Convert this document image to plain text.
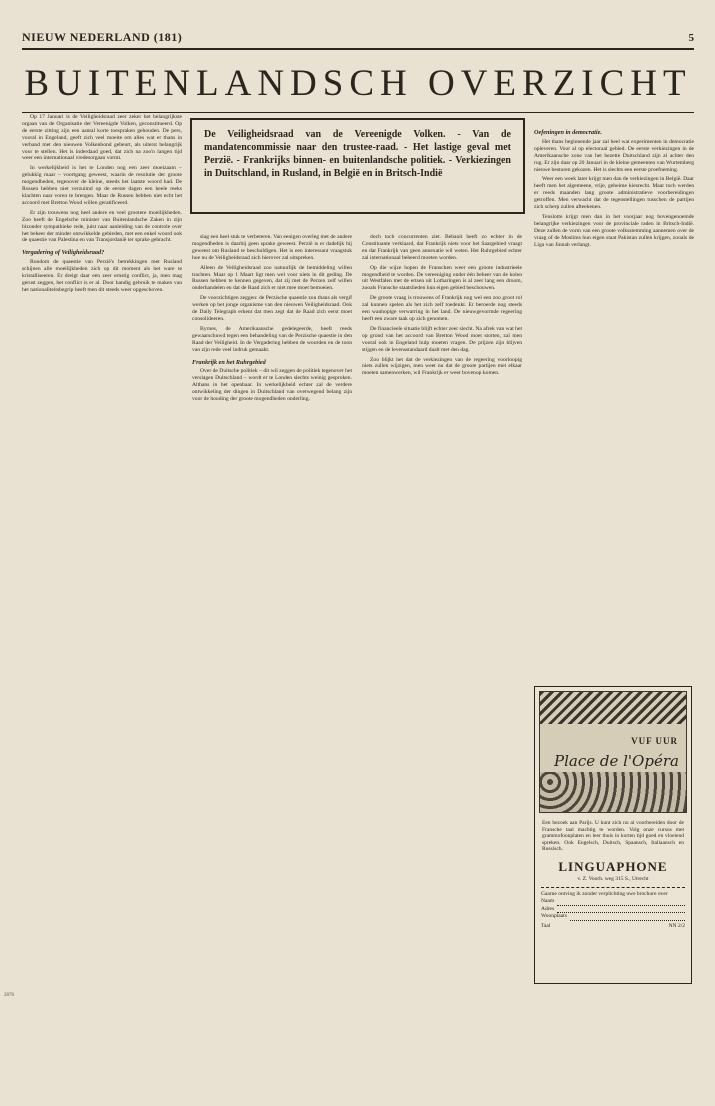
NIEUW NEDERLAND (181)	5
BUITENLANDSCH OVERZICHT

Op 17 Januari is de Veiligheidsraad zeer zeker het belangrijkste orgaan van de Organisatie der Vereenigde Volken, geconstitueerd. Op de eerste zitting zijn een aantal korte toespraken gehouden. De pers, vooral in Engeland, geeft zich veel moeite om alles wat er thans in verband met den nieuwen Volkenbond gebeurt, als uiterst belangrijk voor te stellen. Het is inderdaad goed, dat zich na zoo'n langen tijd weer een internationaal vredesorgaan vormt.

In werkelijkheid is het te Londen nog een zeer moeizaam – gelukkig maar – voortgang geweest, waarin de resolutie der groote mogendheden, tegenover de kleine, steeds het laatste woord had. De Russen hebben niet verzuimd op de eerste dagen een heele reeks klachten naar voren te brengen. Maar de Russen hebben niet echt het accoord met Bretton Wood willen geratificeerd.

Er zijn trouwens nog heel andere en veel grootere moeilijkheden. Zoo heeft de Engelsche minister van Buitenlandsche Zaken in zijn bizonder sympathieke rede, juist naar aanleiding van de controle over het beheer der minder ontwikkelde gebieden, met een enkel woord ook de quaestie van Palestina en van Transjordanië ter sprake gebracht.

Vergadering of Veiligheidsraad?

Rondom de quaestie van Perzië's betrekkingen met Rusland schijnen alle moeilijkheden zich op dit moment als het ware te kristalliseeren. Er dreigt daar een zeer ernstig conflict, ja, men mag gerust zeggen, het conflict is er al. Door handig gebruik te maken van het nationaliteitsbegrip heeft men dit steeds weer opgeschoven.

De Veiligheidsraad van de Vereenigde Volken. - Van de mandatencommissie naar den trustee-raad. - Het lastige geval met Perzië. - Frankrijks binnen- en buitenlandsche politiek. - Verkiezingen in Duitschland, in Rusland, in België en in Britsch-Indië

slag een heel stuk te verbeteren. Van eenigen overleg met de andere mogendheden is daarbij geen sprake geweest. Perzië is er dadelijk bij geweest om Rusland te beschuldigen. Het is een interessant vraagstuk hoe nu de Veiligheidsraad zich hierover zal uitspreken.

Alleen de Veiligheidsraad zoo natuurlijk de bemiddeling willen trachten. Maar op 1 Maart ligt men wel voor niets in dit geding. De Russen hebben te kennen gegeven, dat zij met de Perzen zelf willen onderhandelen en dat de Raad zich er niet mee moet bemoeien.

De voorzichtigen zeggen: de Perzische quaestie zou thans als vergif werken op het jonge organisme van den nieuwen Veiligheidsraad. Ook de Daily Telegraph erkent dat men zegt dat de Raad zich eerst moet consolideeren.

Byrnes, de Amerikaansche gedelegeerde, heeft reeds gewaarschuwd tegen een behandeling van de Perzische quaestie in den Raad der Veiligheid. In de Vergadering hebben de woorden en de toon van zijn rede veel indruk gemaakt.

Frankrijk en het Ruhrgebied

Over de Duitsche politiek – dit wil zeggen de politiek tegenover het verslagen Duitschland – wordt er te Londen slechts weinig gesproken. Althans in het openbaar. In werkelijkheid echter zal de verdere ontwikkeling der dingen in Duitschland van overwegend belang zijn voor de houding der groote mogendheden onderling.

doch toch concurrenten ziet. Bebauit heeft zo echter in de Constituante verklaard, dat Frankrijk niets voor het Saargebied vraagt en dat Frankrijk van geen annexatie wil weten. Het Ruhrgebied echter zal internationaal beheerd moeten worden.

Op die wijze hopen de Franschen weer een groote industrieele mogendheid te worden. De vereeniging onder één beheer van de kolen uit Westfalen met de ertsen uit Lotharingen is al zeer lang een droom, zooals Fransche staatslieden hun eigen gebied beschouwen.

De groote vraag is trouwens of Frankrijk nog wel een zoo groot rol zal kunnen spelen als het zich zelf toedenkt. Er beroerde nog steeds een wanhopige verwarring in het land. De nieuwgevormde regeering heeft een zware taak op zich genomen.

De financieele situatie blijft echter zeer slecht. Na afrek van wat het op grond van het accoord van Bretton Wood moet storten, zal men vooral ook in Engeland hulp moeten vragen. De prijzen zijn blijven stijgen en de levensstandaard daalt met den dag.

Zoo blijkt het dat de verkiezingen van de regeering voorloopig niets zullen wijzigen, men weet nu dat de groote partijen met elkaar moeten samenwerken, wil Frankrijk er weer bovenop komen.

Oefeningen in democratie.

Het thans beginnende jaar zal heel wat experimenten in democratie opleveren. Voor al op electoraal gebied. De eerste verkiezingen in de Amerikaansche zone van het bezette Duitschland zijn al achter den rug. Er zijn daar op 20 Januari in de kleine gemeenten van Wurtemberg nieuwe besturen gekozen. Het is slechts een eerste proefneming.

Weer een week later krijgt men dan de verkiezingen in België. Daar heeft men het algemeene, vrije, geheime kiesrecht. Maar toch werden er reeds maanden lang groote administratieve voorbereidingen getroffen. Men verwacht dat de tegenstellingen tusschen de partijen zich scherp zullen afteekenen.

Tenslotte krijgt men dan in het voorjaar nog bovengenoemde belangrijke verkiezingen voor de provinciale raden in Britsch-Indië. Deze zullen de vorm van een groote volksstemming aannemen over de vraag of de Moslims hun eigen staat Pakistan zullen krijgen, zooals de Liga van Jinnah verlangt.

VUF UUR
Place de l'Opéra
Een bezoek aan Parijs. U kunt zich nu al voorbereiden door de Fransche taal machtig te worden. Volg onze cursus met grammofoonplaten en leer thuis in korten tijd goed en vloeiend spreken. Ook Engelsch, Duitsch, Spaansch, Italiaansch en Russisch.
LINGUAPHONE
v. Z. Voorh. weg 315 S., Utrecht
Gaarne ontving ik zonder verplichting uwe brochure over
Naam
Adres
Woonplaats
Taal	NN 2/2
2876
